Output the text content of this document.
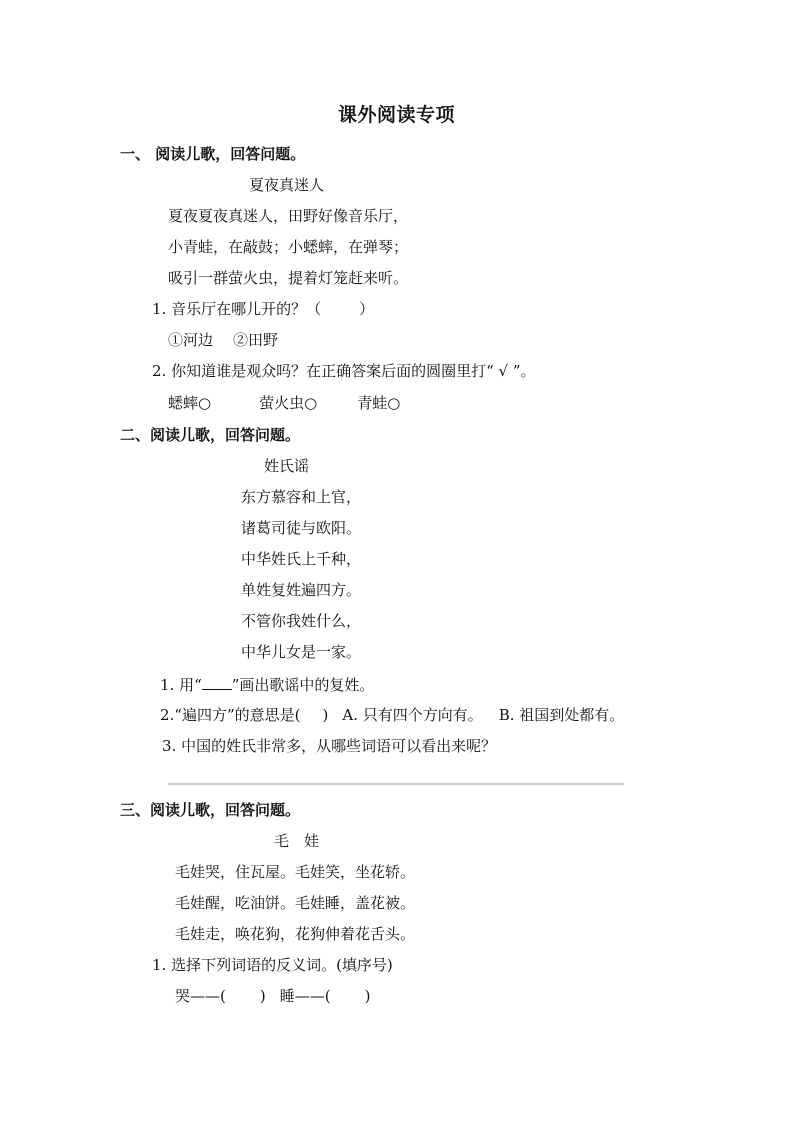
课外阅读专项
一、 阅读儿歌，回答问题。
夏夜真迷人
夏夜夏夜真迷人，田野好像音乐厅，
小青蛙，在敲鼓；小蟋蟀，在弹琴；
吸引一群萤火虫，提着灯笼赶来听。
1. 音乐厅在哪儿开的？（	）
①河边 ②田野
2. 你知道谁是观众吗？在正确答案后面的圆圈里打“ √ ”。
蟋蟀○	萤火虫○	青蛙○
二、阅读儿歌，回答问题。
姓氏谣
东方慕容和上官，
诸葛司徒与欧阳。
中华姓氏上千种，
单姓复姓遍四方。
不管你我姓什么，
中华儿女是一家。
1. 用“ ”画出歌谣中的复姓。
2.“遍四方”的意思是( ) A. 只有四个方向有。 B. 祖国到处都有。
3. 中国的姓氏非常多，从哪些词语可以看出来呢？
三、阅读儿歌，回答问题。
毛　娃
毛娃哭，住瓦屋。毛娃笑，坐花轿。
毛娃醒，吃油饼。毛娃睡，盖花被。
毛娃走，唤花狗，花狗伸着花舌头。
1. 选择下列词语的反义词。(填序号)
哭——( ) 睡——( )
